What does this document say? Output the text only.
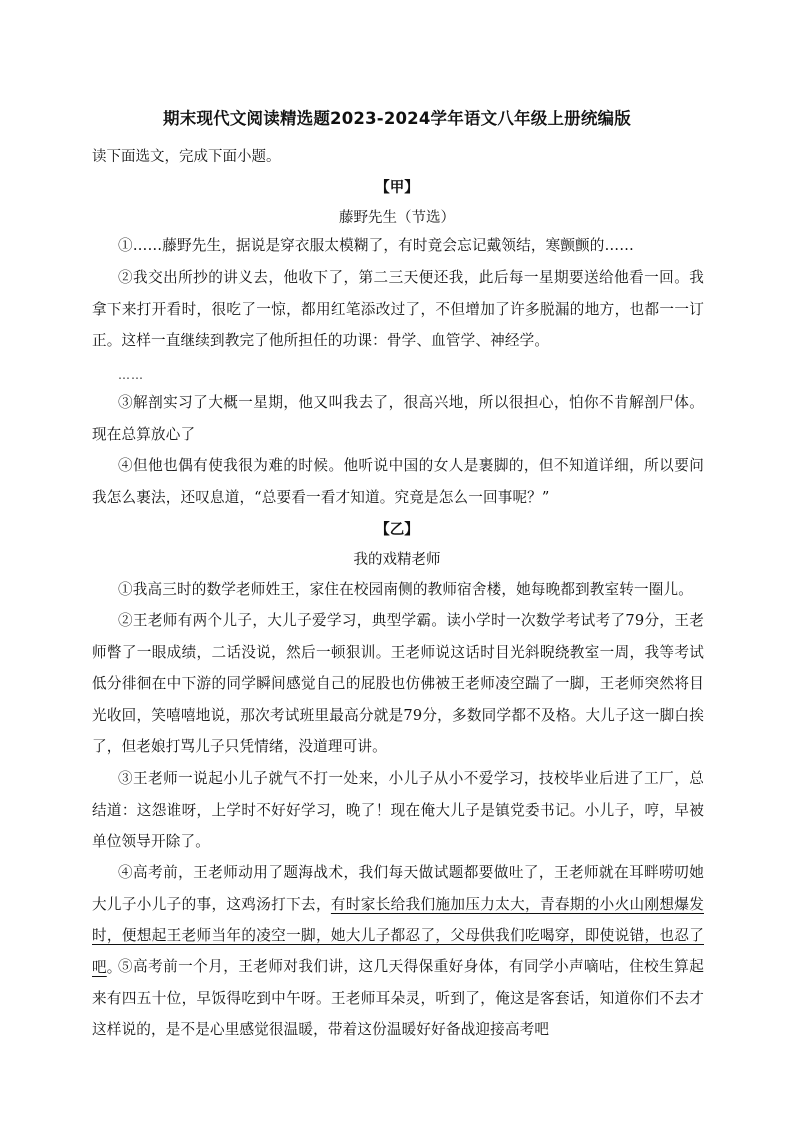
期末现代文阅读精选题2023-2024学年语文八年级上册统编版
读下面选文，完成下面小题。
【甲】
藤野先生（节选）
①……藤野先生，据说是穿衣服太模糊了，有时竟会忘记戴领结，寒颤颤的……
②我交出所抄的讲义去，他收下了，第二三天便还我，此后每一星期要送给他看一回。我拿下来打开看时，很吃了一惊，都用红笔添改过了，不但增加了许多脱漏的地方，也都一一订正。这样一直继续到教完了他所担任的功课：骨学、血管学、神经学。
……
③解剖实习了大概一星期，他又叫我去了，很高兴地，所以很担心，怕你不肯解剖尸体。现在总算放心了
④但他也偶有使我很为难的时候。他听说中国的女人是裹脚的，但不知道详细，所以要问我怎么裹法，还叹息道，“总要看一看才知道。究竟是怎么一回事呢？”
【乙】
我的戏精老师
①我高三时的数学老师姓王，家住在校园南侧的教师宿舍楼，她每晚都到教室转一圈儿。
②王老师有两个儿子，大儿子爱学习，典型学霸。读小学时一次数学考试考了79分，王老师瞥了一眼成绩，二话没说，然后一顿狠训。王老师说这话时目光斜睨绕教室一周，我等考试低分徘徊在中下游的同学瞬间感觉自己的屁股也仿佛被王老师凌空踹了一脚，王老师突然将目光收回，笑嘻嘻地说，那次考试班里最高分就是79分，多数同学都不及格。大儿子这一脚白挨了，但老娘打骂儿子只凭情绪，没道理可讲。
③王老师一说起小儿子就气不打一处来，小儿子从小不爱学习，技校毕业后进了工厂，总结道：这怨谁呀，上学时不好好学习，晚了！现在俺大儿子是镇党委书记。小儿子，哼，早被单位领导开除了。
④高考前，王老师动用了题海战术，我们每天做试题都要做吐了，王老师就在耳畔唠叨她大儿子小儿子的事，这鸡汤打下去，有时家长给我们施加压力太大，青春期的小火山刚想爆发时，便想起王老师当年的凌空一脚，她大儿子都忍了，父母供我们吃喝穿，即使说错，也忍了吧。
⑤高考前一个月，王老师对我们讲，这几天得保重好身体，有同学小声嘀咕，住校生算起来有四五十位，早饭得吃到中午呀。王老师耳朵灵，听到了，俺这是客套话，知道你们不去才这样说的，是不是心里感觉很温暖，带着这份温暖好好备战迎接高考吧
